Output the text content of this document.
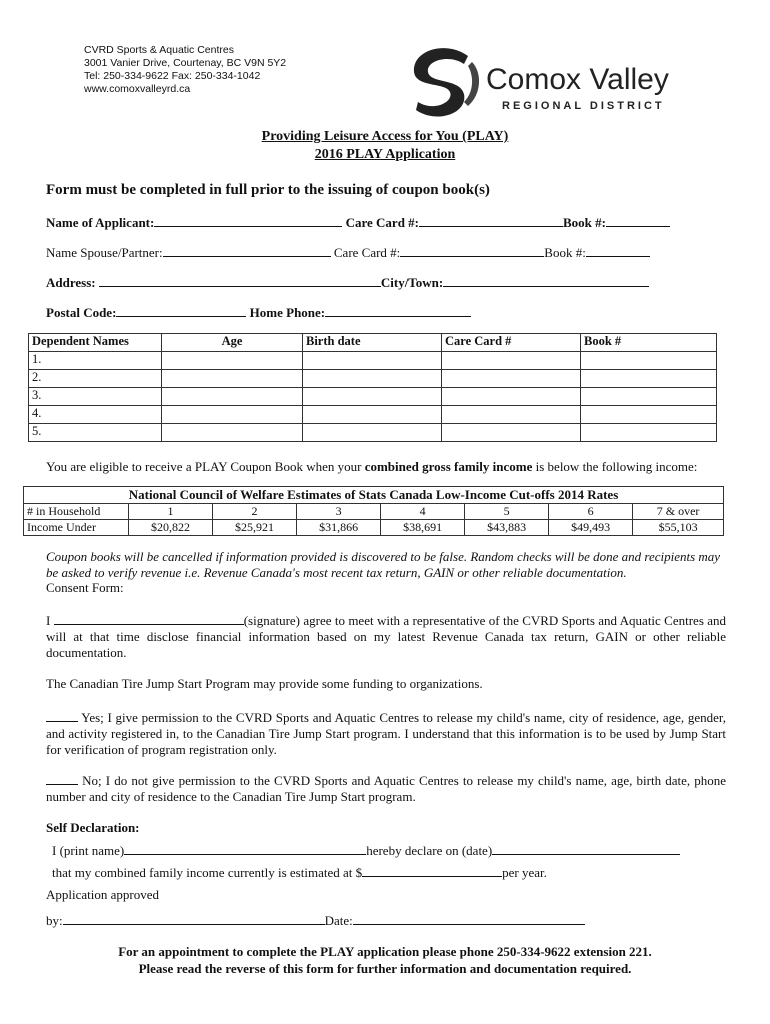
CVRD Sports & Aquatic Centres
3001 Vanier Drive, Courtenay, BC V9N 5Y2
Tel: 250-334-9622 Fax: 250-334-1042
www.comoxvalleyrd.ca	Comox Valley
REGIONAL DISTRICT
Providing Leisure Access for You (PLAY)
2016 PLAY Application
Form must be completed in full prior to the issuing of coupon book(s)
Name of Applicant:	Care Card #:	Book #:
Name Spouse/Partner:	Care Card #:	Book #:
Address:	City/Town:
Postal Code:	Home Phone:
Dependent Names	Age	Birth date	Care Card #	Book #
1.				
2.				
3.				
4.				
5.				
You are eligible to receive a PLAY Coupon Book when your combined gross family income is below the following income:
National Council of Welfare Estimates of Stats Canada Low-Income Cut-offs 2014 Rates							
# in Household	1	2	3	4	5	6	7 & over
Income Under	$20,822	$25,921	$31,866	$38,691	$43,883	$49,493	$55,103
Coupon books will be cancelled if information provided is discovered to be false. Random checks will be done and recipients may be asked to verify revenue i.e. Revenue Canada's most recent tax return, GAIN or other reliable documentation.
Consent Form:
I	(signature) agree to meet with a representative of the CVRD Sports and Aquatic Centres and will at that time disclose financial information based on my latest Revenue Canada tax return, GAIN or other reliable documentation.
The Canadian Tire Jump Start Program may provide some funding to organizations.
Yes; I give permission to the CVRD Sports and Aquatic Centres to release my child's name, city of residence, age, gender, and activity registered in, to the Canadian Tire Jump Start program. I understand that this information is to be used by Jump Start for verification of program registration only.
No; I do not give permission to the CVRD Sports and Aquatic Centres to release my child's name, age, birth date, phone number and city of residence to the Canadian Tire Jump Start program.
Self Declaration:
I (print name)	hereby declare on (date)
that my combined family income currently is estimated at $	per year.
Application approved
by:	Date:
For an appointment to complete the PLAY application please phone 250-334-9622 extension 221.
Please read the reverse of this form for further information and documentation required.
